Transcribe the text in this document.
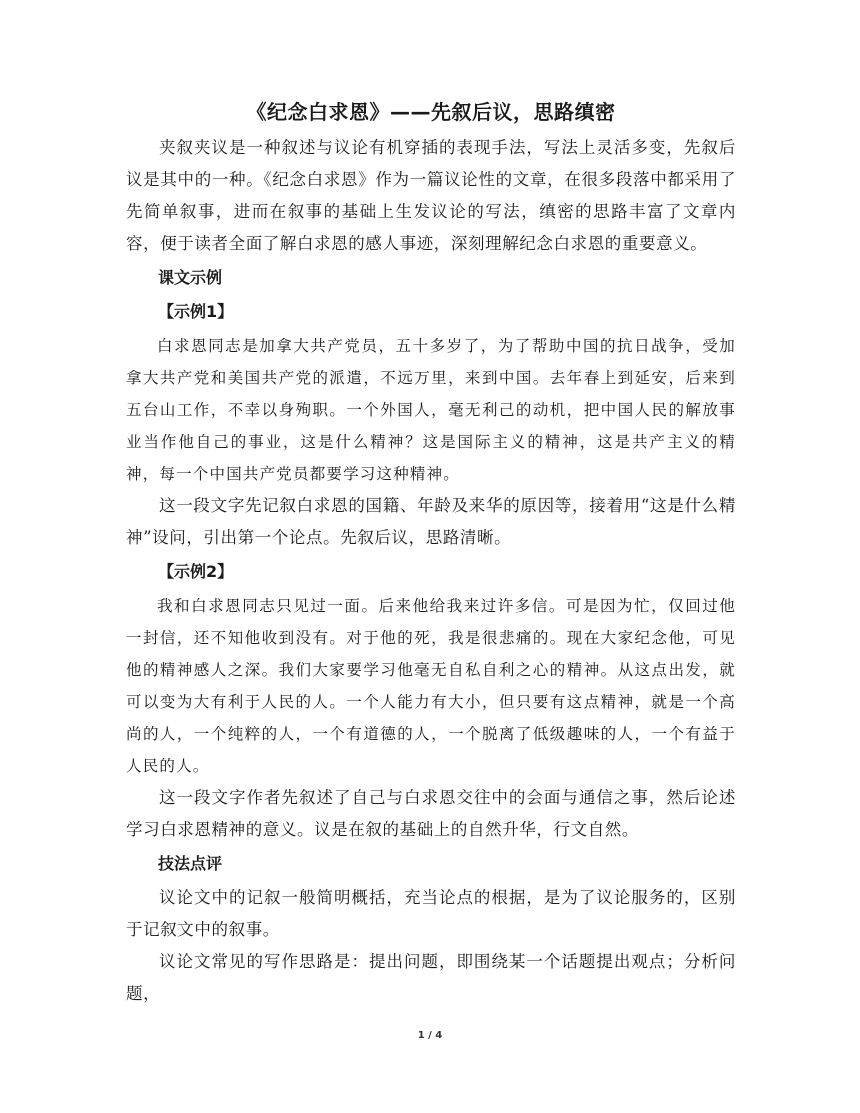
《纪念白求恩》——先叙后议，思路缜密

夹叙夹议是一种叙述与议论有机穿插的表现手法，写法上灵活多变，先叙后议是其中的一种。《纪念白求恩》作为一篇议论性的文章，在很多段落中都采用了先简单叙事，进而在叙事的基础上生发议论的写法，缜密的思路丰富了文章内容，便于读者全面了解白求恩的感人事迹，深刻理解纪念白求恩的重要意义。

课文示例
【示例1】

白求恩同志是加拿大共产党员，五十多岁了，为了帮助中国的抗日战争，受加拿大共产党和美国共产党的派遣，不远万里，来到中国。去年春上到延安，后来到五台山工作，不幸以身殉职。一个外国人，毫无利己的动机，把中国人民的解放事业当作他自己的事业，这是什么精神？这是国际主义的精神，这是共产主义的精神，每一个中国共产党员都要学习这种精神。

这一段文字先记叙白求恩的国籍、年龄及来华的原因等，接着用“这是什么精神”设问，引出第一个论点。先叙后议，思路清晰。

【示例2】

我和白求恩同志只见过一面。后来他给我来过许多信。可是因为忙，仅回过他一封信，还不知他收到没有。对于他的死，我是很悲痛的。现在大家纪念他，可见他的精神感人之深。我们大家要学习他毫无自私自利之心的精神。从这点出发，就可以变为大有利于人民的人。一个人能力有大小，但只要有这点精神，就是一个高尚的人，一个纯粹的人，一个有道德的人，一个脱离了低级趣味的人，一个有益于人民的人。

这一段文字作者先叙述了自己与白求恩交往中的会面与通信之事，然后论述学习白求恩精神的意义。议是在叙的基础上的自然升华，行文自然。

技法点评

议论文中的记叙一般简明概括，充当论点的根据，是为了议论服务的，区别于记叙文中的叙事。

议论文常见的写作思路是：提出问题，即围绕某一个话题提出观点；分析问题，

1 / 4
